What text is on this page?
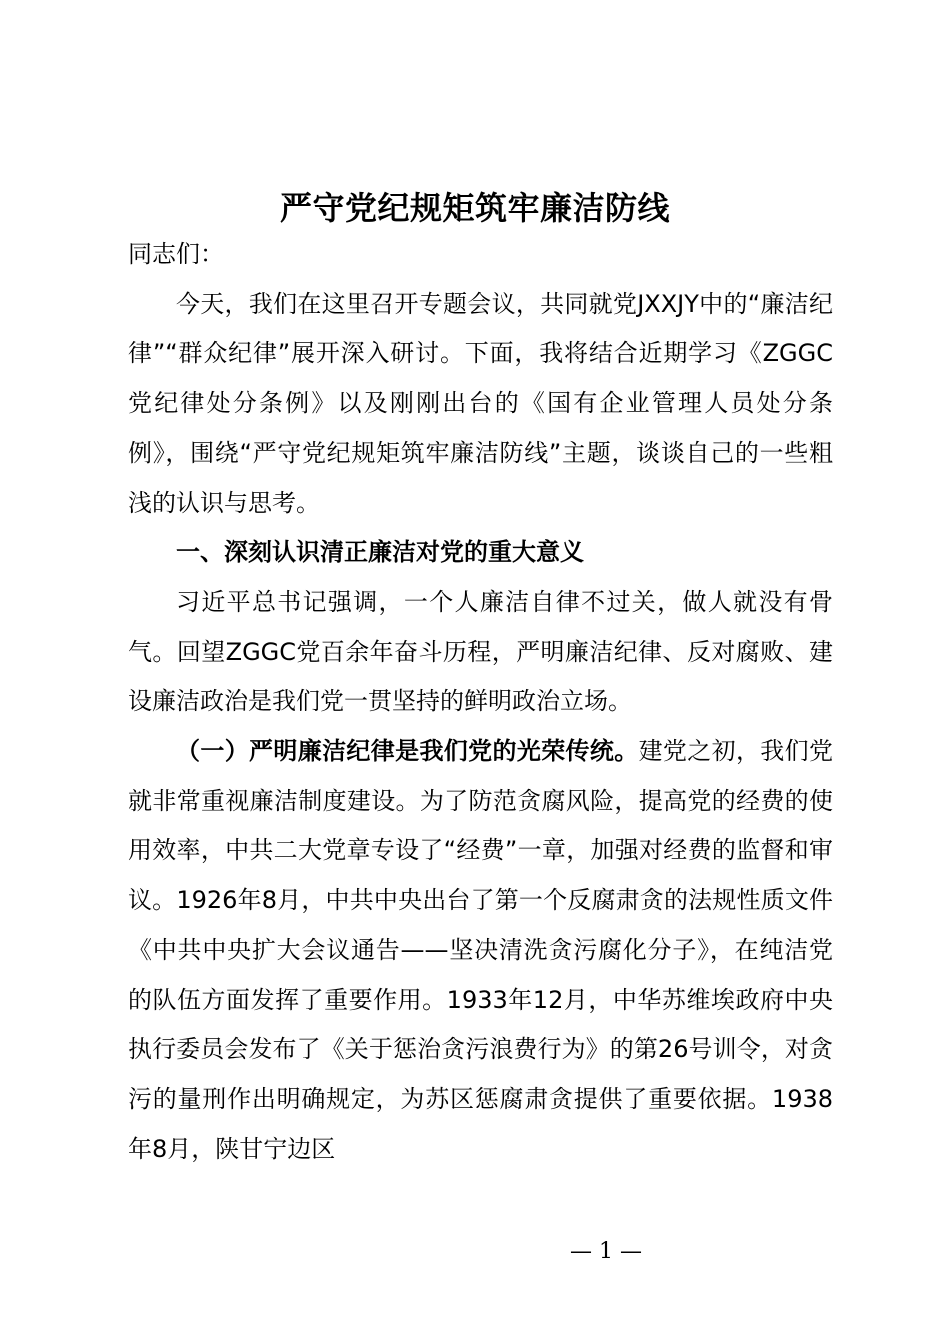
严守党纪规矩筑牢廉洁防线

同志们：

今天，我们在这里召开专题会议，共同就党JXXJY中的“廉洁纪律”“群众纪律”展开深入研讨。下面，我将结合近期学习《ZGGC党纪律处分条例》以及刚刚出台的《国有企业管理人员处分条例》，围绕“严守党纪规矩筑牢廉洁防线”主题，谈谈自己的一些粗浅的认识与思考。

一、深刻认识清正廉洁对党的重大意义

习近平总书记强调，一个人廉洁自律不过关，做人就没有骨气。回望ZGGC党百余年奋斗历程，严明廉洁纪律、反对腐败、建设廉洁政治是我们党一贯坚持的鲜明政治立场。

（一）严明廉洁纪律是我们党的光荣传统。建党之初，我们党就非常重视廉洁制度建设。为了防范贪腐风险，提高党的经费的使用效率，中共二大党章专设了“经费”一章，加强对经费的监督和审议。1926年8月，中共中央出台了第一个反腐肃贪的法规性质文件《中共中央扩大会议通告——坚决清洗贪污腐化分子》，在纯洁党的队伍方面发挥了重要作用。1933年12月，中华苏维埃政府中央执行委员会发布了《关于惩治贪污浪费行为》的第26号训令，对贪污的量刑作出明确规定，为苏区惩腐肃贪提供了重要依据。1938年8月，陕甘宁边区

— 1 —
